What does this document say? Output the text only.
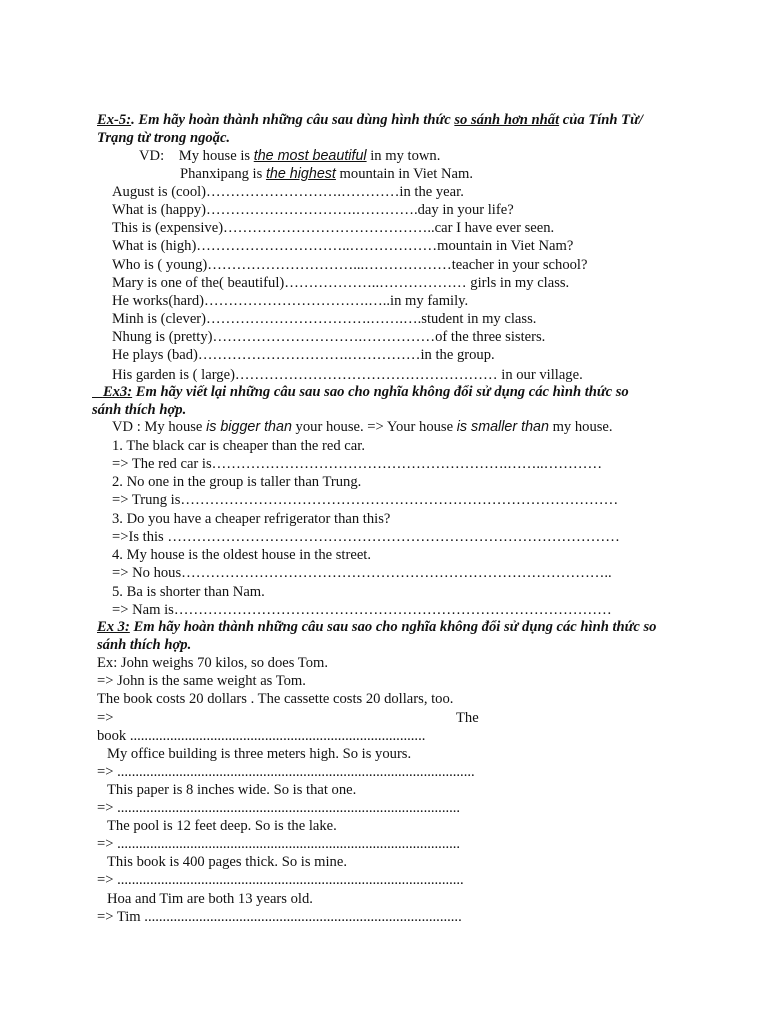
Ex-5:. Em hãy hoàn thành những câu sau dùng hình thức so sánh hơn nhất của Tính Từ/
Trạng từ trong ngoặc.
VD:    My house is the most beautiful in my town.
Phanxipang is the highest mountain in Viet Nam.
August is (cool)……………………….…………in the year.
What is (happy)………………………….………….day in your life?
This is (expensive)……………………………………..car I have ever seen.
What is (high)…………………………..………………mountain in Viet Nam?
Who is ( young)…………………………...………………teacher in your school?
Mary is one of the( beautiful)………………..……………… girls in my class.
He works(hard)…………………………….…..in my family.
Minh is (clever)…………………………….…….….student in my class.
Nhung is (pretty)………………………….……………of the three sisters.
He plays (bad)………………………….……………in the group.
His garden is ( large)……………………………………………… in our village.
Ex3: Em hãy viết lại những câu sau sao cho nghĩa không đổi sử dụng các hình thức so
sánh thích hợp.
VD : My house is bigger than your house. => Your house is smaller than my house.
1. The black car is cheaper than the red car.
=> The red car is…………………………………………………….……..…………
2. No one in the group is taller than Trung.
=> Trung is………………………………………………………………………………
3. Do you have a cheaper refrigerator than this?
=>Is this …………………………………………………………………………………
4. My house is the oldest house in the street.
=> No hous……………………………………………………………………………..
5. Ba is shorter than Nam.
=> Nam is………………………………………………………………………………
Ex 3: Em hãy hoàn thành những câu sau sao cho nghĩa không đổi sử dụng các hình thức so
sánh thích hợp.
Ex: John weighs 70 kilos, so does Tom.
=> John is the same weight as Tom.
The book costs 20 dollars . The cassette costs 20 dollars, too.
=>	The
book .................................................................................
My office building is three meters high. So is yours.
=> ..................................................................................................
This paper is 8 inches wide. So is that one.
=> ..............................................................................................
The pool is 12 feet deep. So is the lake.
=> ..............................................................................................
This book is 400 pages thick. So is mine.
=> ...............................................................................................
Hoa and Tim are both 13 years old.
=> Tim .......................................................................................
